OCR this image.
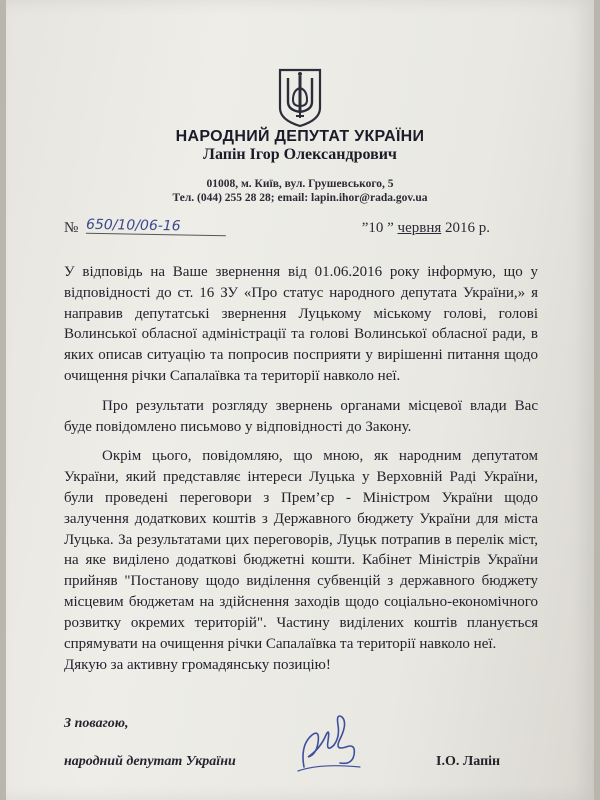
НАРОДНИЙ ДЕПУТАТ УКРАЇНИ
Лапін Ігор Олександрович
01008, м. Київ, вул. Грушевського, 5
Тел. (044) 255 28 28; email: lapin.ihor@rada.gov.ua
№ 650/10/06-16	”10 ” червня 2016 р.

У відповідь на Ваше звернення від 01.06.2016 року інформую, що у відповідності до ст. 16 ЗУ «Про статус народного депутата України,» я направив депутатські звернення Луцькому міському голові, голові Волинської обласної адміністрації та голові Волинської обласної ради, в яких описав ситуацію та попросив посприяти у вирішенні питання щодо очищення річки Сапалаївка та території навколо неї.

Про результати розгляду звернень органами місцевої влади Вас буде повідомлено письмово у відповідності до Закону.

Окрім цього, повідомляю, що мною, як народним депутатом України, який представляє інтереси Луцька у Верховній Раді України, були проведені переговори з Прем’єр - Міністром України щодо залучення додаткових коштів з Державного бюджету України для міста Луцька. За результатами цих переговорів, Луцьк потрапив в перелік міст, на яке виділено додаткові бюджетні кошти. Кабінет Міністрів України прийняв "Постанову щодо виділення субвенцій з державного бюджету місцевим бюджетам на здійснення заходів щодо соціально-економічного розвитку окремих територій". Частину виділених коштів планується спрямувати на очищення річки Сапалаївка та території навколо неї.

Дякую за активну громадянську позицію!
З повагою,
народний депутат України	І.О. Лапін
